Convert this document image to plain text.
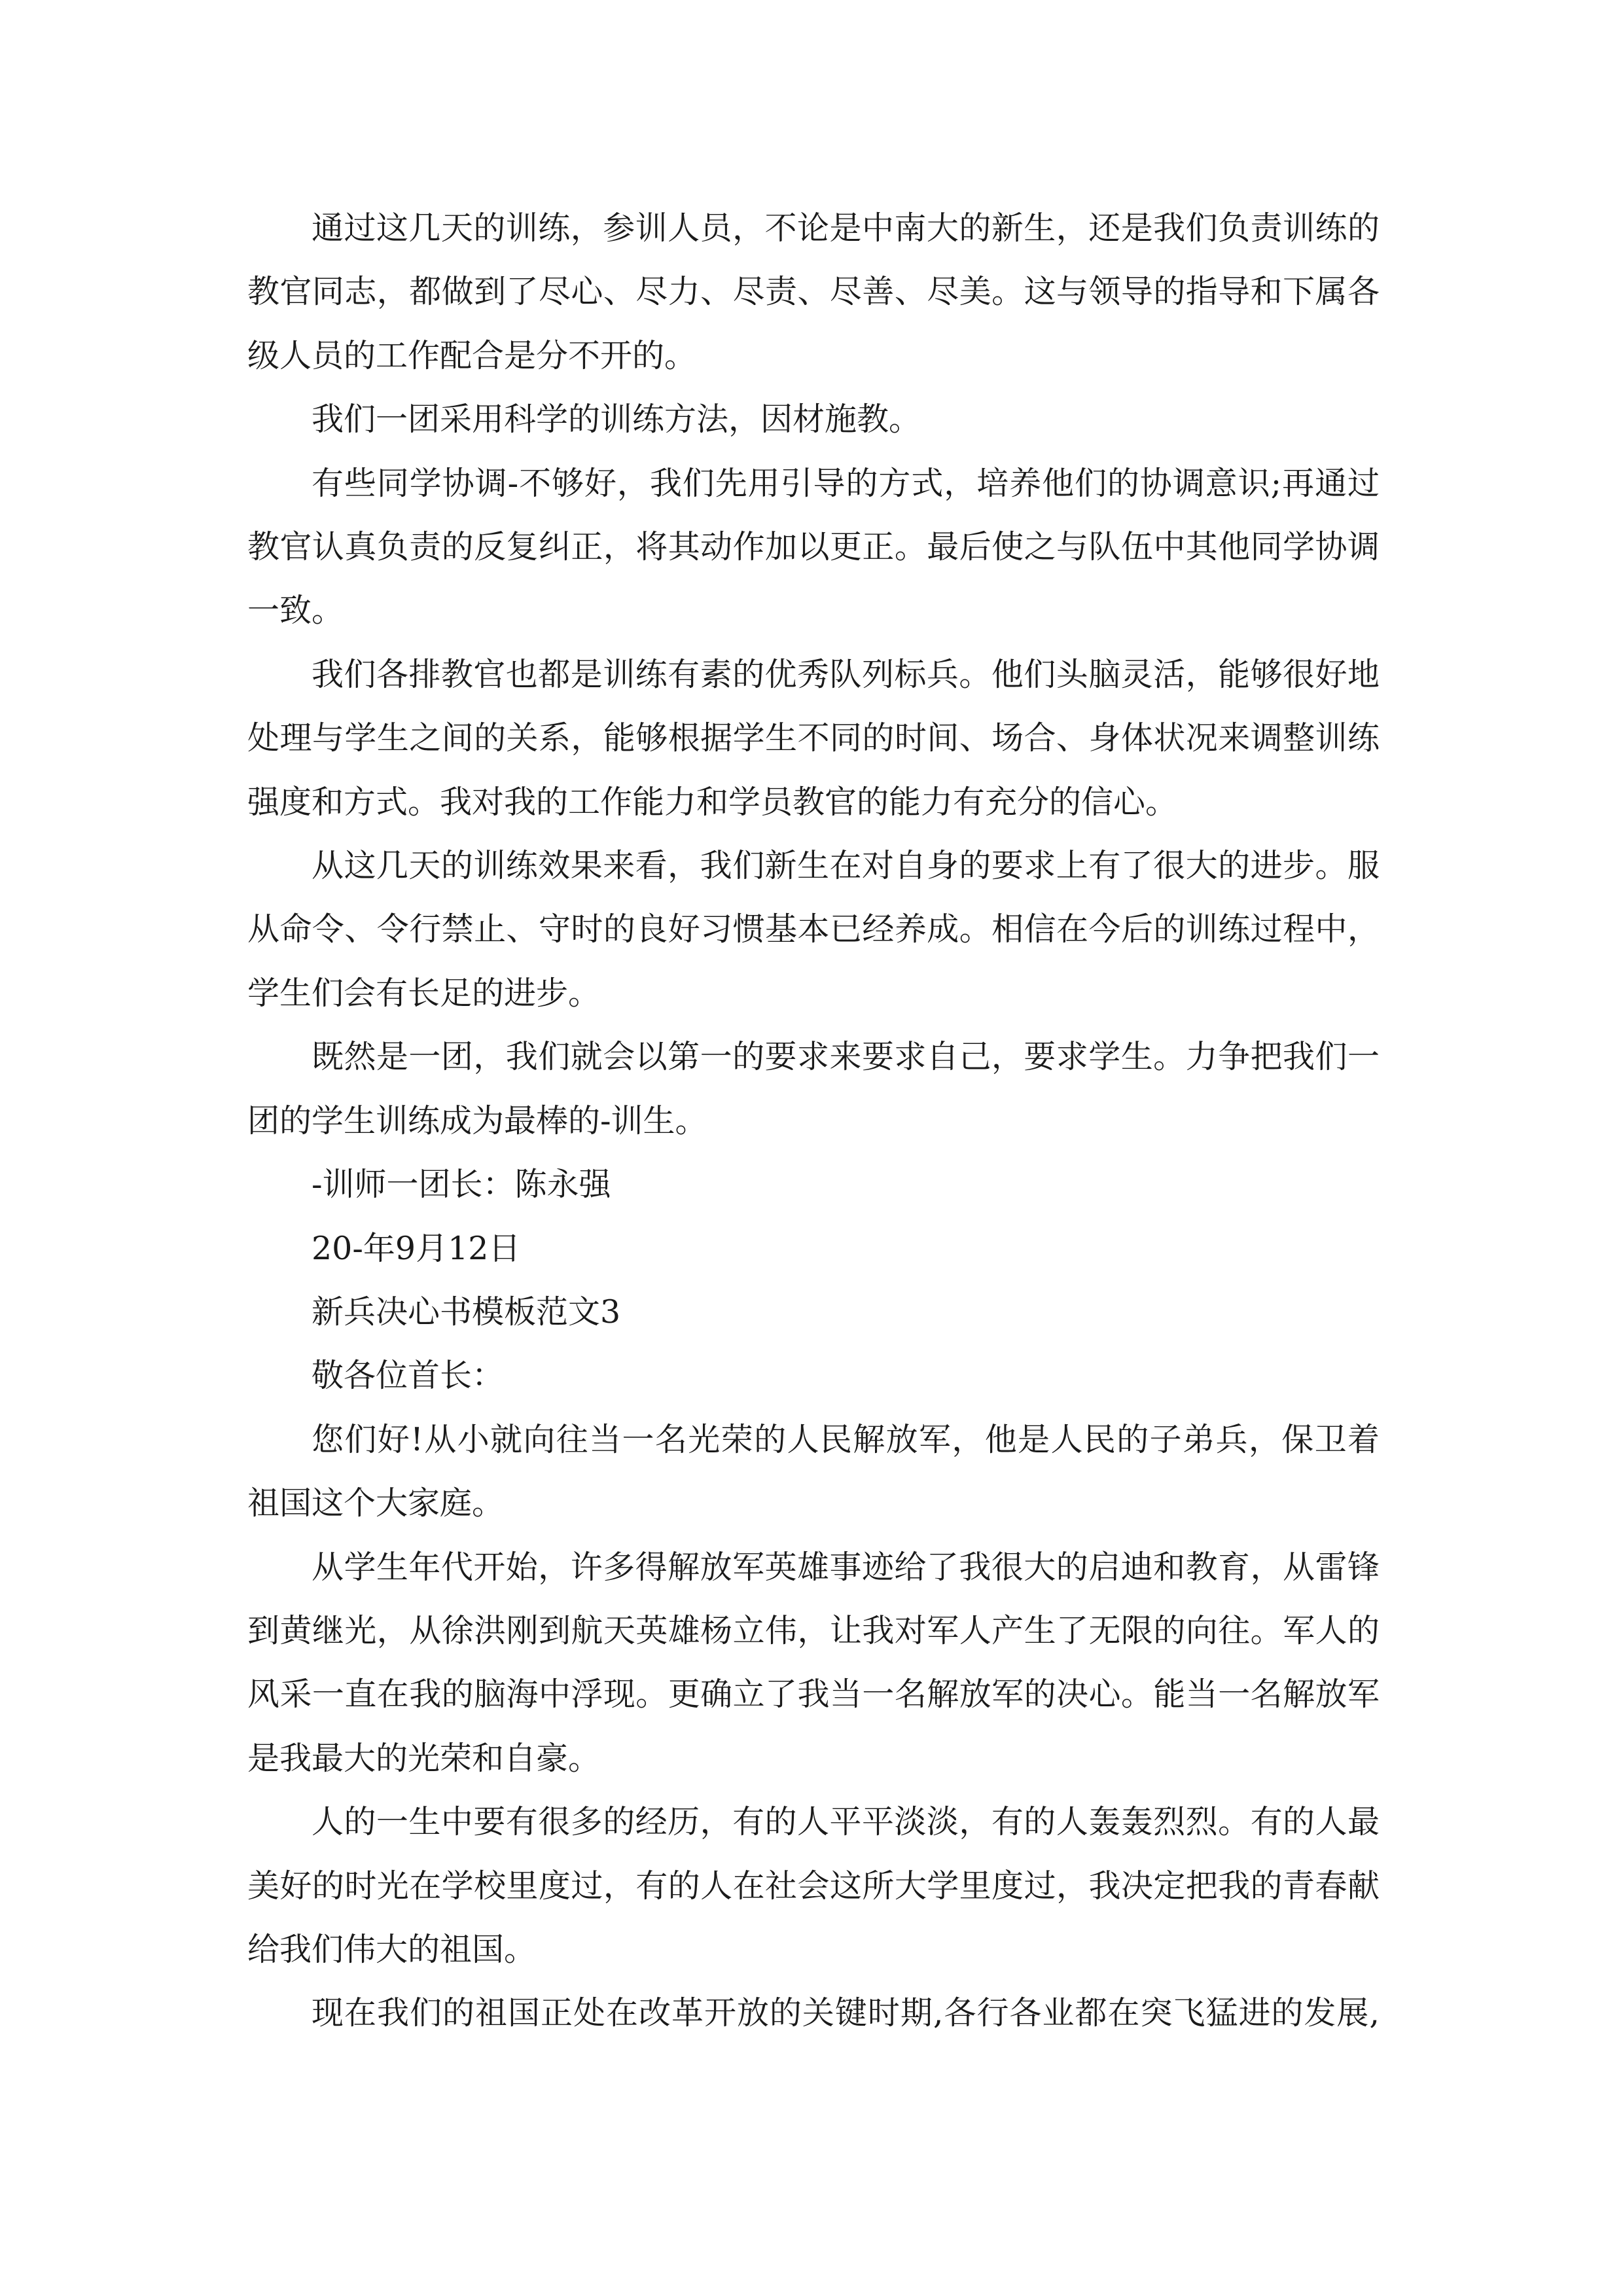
通过这几天的训练，参训人员，不论是中南大的新生，还是我们负责训练的教官同志，都做到了尽心、尽力、尽责、尽善、尽美。这与领导的指导和下属各级人员的工作配合是分不开的。

我们一团采用科学的训练方法，因材施教。

有些同学协调-不够好，我们先用引导的方式，培养他们的协调意识;再通过教官认真负责的反复纠正，将其动作加以更正。最后使之与队伍中其他同学协调一致。

我们各排教官也都是训练有素的优秀队列标兵。他们头脑灵活，能够很好地处理与学生之间的关系，能够根据学生不同的时间、场合、身体状况来调整训练强度和方式。我对我的工作能力和学员教官的能力有充分的信心。

从这几天的训练效果来看，我们新生在对自身的要求上有了很大的进步。服从命令、令行禁止、守时的良好习惯基本已经养成。相信在今后的训练过程中，学生们会有长足的进步。

既然是一团，我们就会以第一的要求来要求自己，要求学生。力争把我们一团的学生训练成为最棒的-训生。

-训师一团长：陈永强

20-年9月12日

新兵决心书模板范文3

敬各位首长：

您们好!从小就向往当一名光荣的人民解放军，他是人民的子弟兵，保卫着祖国这个大家庭。

从学生年代开始，许多得解放军英雄事迹给了我很大的启迪和教育，从雷锋到黄继光，从徐洪刚到航天英雄杨立伟，让我对军人产生了无限的向往。军人的风采一直在我的脑海中浮现。更确立了我当一名解放军的决心。能当一名解放军是我最大的光荣和自豪。

人的一生中要有很多的经历，有的人平平淡淡，有的人轰轰烈烈。有的人最美好的时光在学校里度过，有的人在社会这所大学里度过，我决定把我的青春献给我们伟大的祖国。

现在我们的祖国正处在改革开放的关键时期,各行各业都在突飞猛进的发展,
